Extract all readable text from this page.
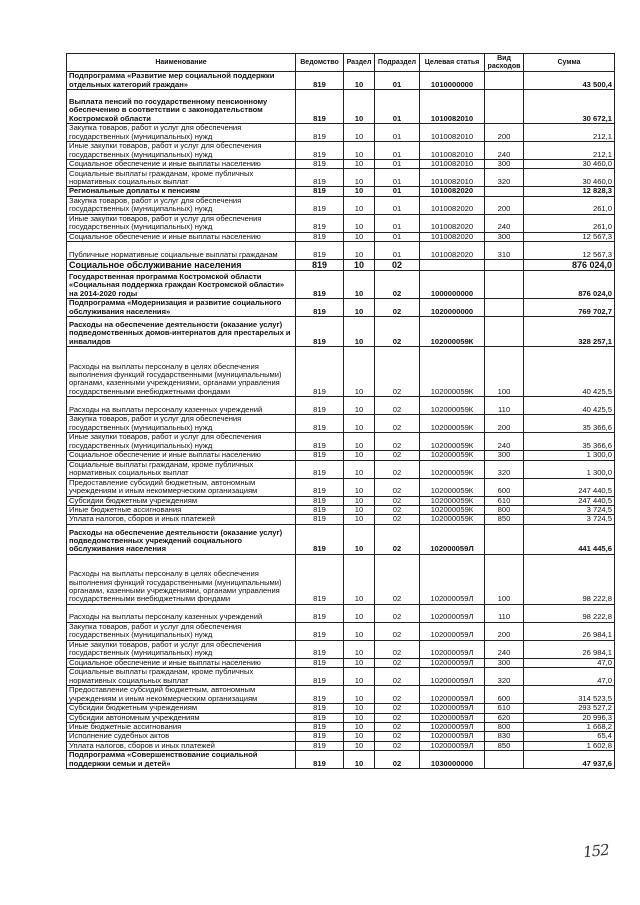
Наименование	Ведомство	Раздел	Подраздел	Целевая статья	Вид расходов	Сумма
Подпрограмма «Развитие мер социальной поддержки отдельных категорий граждан»	819	10	01	1010000000		43 500,4
Выплата пенсий по государственному пенсионному обеспечению в соответствии с законодательством Костромской области	819	10	01	1010082010		30 672,1
Закупка товаров, работ и услуг для обеспечения государственных (муниципальных) нужд	819	10	01	1010082010	200	212,1
Иные закупки товаров, работ и услуг для обеспечения государственных (муниципальных) нужд	819	10	01	1010082010	240	212,1
Социальное обеспечение и иные выплаты населению	819	10	01	1010082010	300	30 460,0
Социальные выплаты гражданам, кроме публичных нормативных социальных выплат	819	10	01	1010082010	320	30 460,0
Региональные доплаты к пенсиям	819	10	01	1010082020		12 828,3
Закупка товаров, работ и услуг для обеспечения государственных (муниципальных) нужд	819	10	01	1010082020	200	261,0
Иные закупки товаров, работ и услуг для обеспечения государственных (муниципальных) нужд	819	10	01	1010082020	240	261,0
Социальное обеспечение и иные выплаты населению	819	10	01	1010082020	300	12 567,3
Публичные нормативные социальные выплаты гражданам	819	10	01	1010082020	310	12 567,3
Социальное обслуживание населения	819	10	02			876 024,0
Государственная программа Костромской области «Социальная поддержка граждан Костромской области» на 2014-2020 годы	819	10	02	1000000000		876 024,0
Подпрограмма «Модернизация и развитие социального обслуживания населения»	819	10	02	1020000000		769 702,7
Расходы на обеспечение деятельности (оказание услуг) подведомственных домов-интернатов для престарелых и инвалидов	819	10	02	102000059К		328 257,1
Расходы на выплаты персоналу в целях обеспечения выполнения функций государственными (муниципальными) органами, казенными учреждениями, органами управления государственными внебюджетными фондами	819	10	02	102000059К	100	40 425,5
Расходы на выплаты персоналу казенных учреждений	819	10	02	102000059К	110	40 425,5
Закупка товаров, работ и услуг для обеспечения государственных (муниципальных) нужд	819	10	02	102000059К	200	35 366,6
Иные закупки товаров, работ и услуг для обеспечения государственных (муниципальных) нужд	819	10	02	102000059К	240	35 366,6
Социальное обеспечение и иные выплаты населению	819	10	02	102000059К	300	1 300,0
Социальные выплаты гражданам, кроме публичных нормативных социальных выплат	819	10	02	102000059К	320	1 300,0
Предоставление субсидий бюджетным, автономным учреждениям и иным некоммерческим организациям	819	10	02	102000059К	600	247 440,5
Субсидии бюджетным учреждениям	819	10	02	102000059К	610	247 440,5
Иные бюджетные ассигнования	819	10	02	102000059К	800	3 724,5
Уплата налогов, сборов и иных платежей	819	10	02	102000059К	850	3 724,5
Расходы на обеспечение деятельности (оказание услуг) подведомственных учреждений социального обслуживания населения	819	10	02	102000059Л		441 445,6
Расходы на выплаты персоналу в целях обеспечения выполнения функций государственными (муниципальными) органами, казенными учреждениями, органами управления государственными внебюджетными фондами	819	10	02	102000059Л	100	98 222,8
Расходы на выплаты персоналу казенных учреждений	819	10	02	102000059Л	110	98 222,8
Закупка товаров, работ и услуг для обеспечения государственных (муниципальных) нужд	819	10	02	102000059Л	200	26 984,1
Иные закупки товаров, работ и услуг для обеспечения государственных (муниципальных) нужд	819	10	02	102000059Л	240	26 984,1
Социальное обеспечение и иные выплаты населению	819	10	02	102000059Л	300	47,0
Социальные выплаты гражданам, кроме публичных нормативных социальных выплат	819	10	02	102000059Л	320	47,0
Предоставление субсидий бюджетным, автономным учреждениям и иным некоммерческим организациям	819	10	02	102000059Л	600	314 523,5
Субсидии бюджетным учреждениям	819	10	02	102000059Л	610	293 527,2
Субсидии автономным учреждениям	819	10	02	102000059Л	620	20 996,3
Иные бюджетные ассигнования	819	10	02	102000059Л	800	1 668,2
Исполнение судебных актов	819	10	02	102000059Л	830	65,4
Уплата налогов, сборов и иных платежей	819	10	02	102000059Л	850	1 602,8
Подпрограмма «Совершенствование социальной поддержки семьи и детей»	819	10	02	1030000000		47 937,6
152
